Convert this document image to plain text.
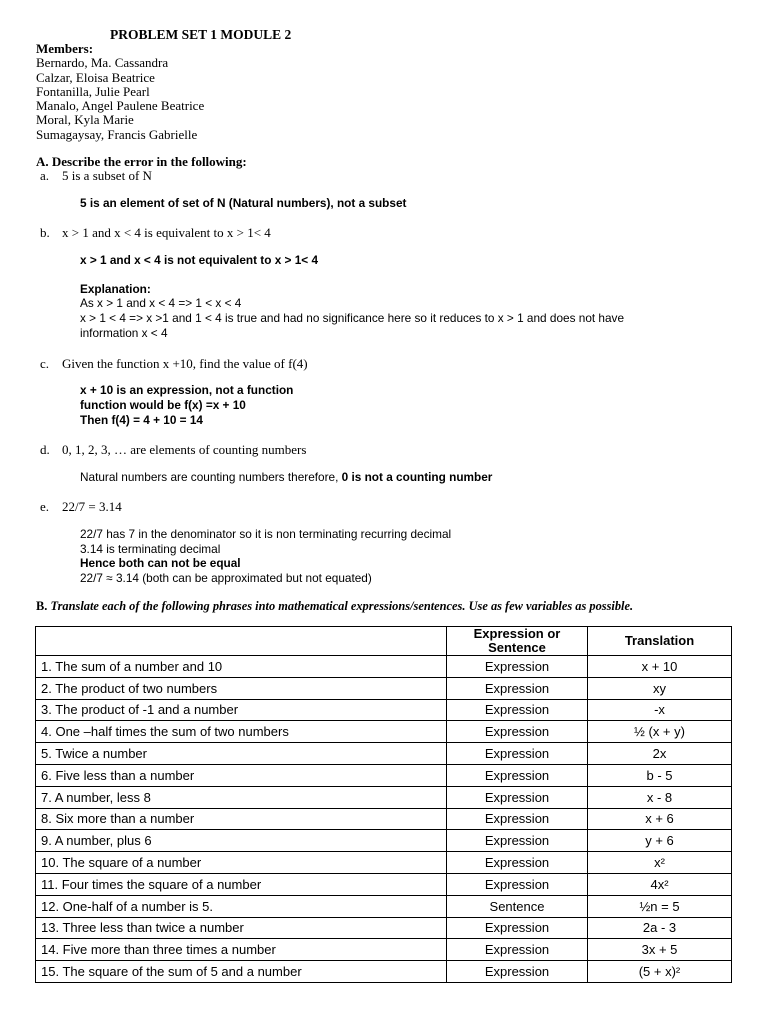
PROBLEM SET 1 MODULE 2
Members:
Bernardo, Ma. Cassandra
Calzar, Eloisa Beatrice
Fontanilla, Julie Pearl
Manalo, Angel Paulene Beatrice
Moral, Kyla Marie
Sumagaysay, Francis Gabrielle
A. Describe the error in the following:
a. 5 is a subset of N
5 is an element of set of N (Natural numbers), not a subset
b. x > 1 and x < 4 is equivalent to x > 1< 4
x > 1 and x < 4 is not equivalent to x > 1< 4
Explanation:
As x > 1 and x < 4 => 1 < x < 4
x > 1 < 4 => x >1 and 1 < 4 is true and had no significance here so it reduces to x > 1 and does not have
information x < 4
c. Given the function x +10, find the value of f(4)
x + 10 is an expression, not a function
function would be f(x) =x + 10
Then f(4) = 4 + 10 = 14
d. 0, 1, 2, 3, … are elements of counting numbers
Natural numbers are counting numbers therefore, 0 is not a counting number
e. 22/7 = 3.14
22/7 has 7 in the denominator so it is non terminating recurring decimal
3.14 is terminating decimal
Hence both can not be equal
22/7 ≈ 3.14 (both can be approximated but not equated)
B. Translate each of the following phrases into mathematical expressions/sentences. Use as few variables as possible.
	Expression or Sentence	Translation
1. The sum of a number and 10	Expression	x + 10
2. The product of two numbers	Expression	xy
3. The product of -1 and a number	Expression	-x
4. One –half times the sum of two numbers	Expression	½ (x + y)
5. Twice a number	Expression	2x
6. Five less than a number	Expression	b - 5
7. A number, less 8	Expression	x - 8
8. Six more than a number	Expression	x + 6
9. A number, plus 6	Expression	y + 6
10. The square of a number	Expression	x²
11. Four times the square of a number	Expression	4x²
12. One-half of a number is 5.	Sentence	½n = 5
13. Three less than twice a number	Expression	2a - 3
14. Five more than three times a number	Expression	3x + 5
15. The square of the sum of 5 and a number	Expression	(5 + x)²
